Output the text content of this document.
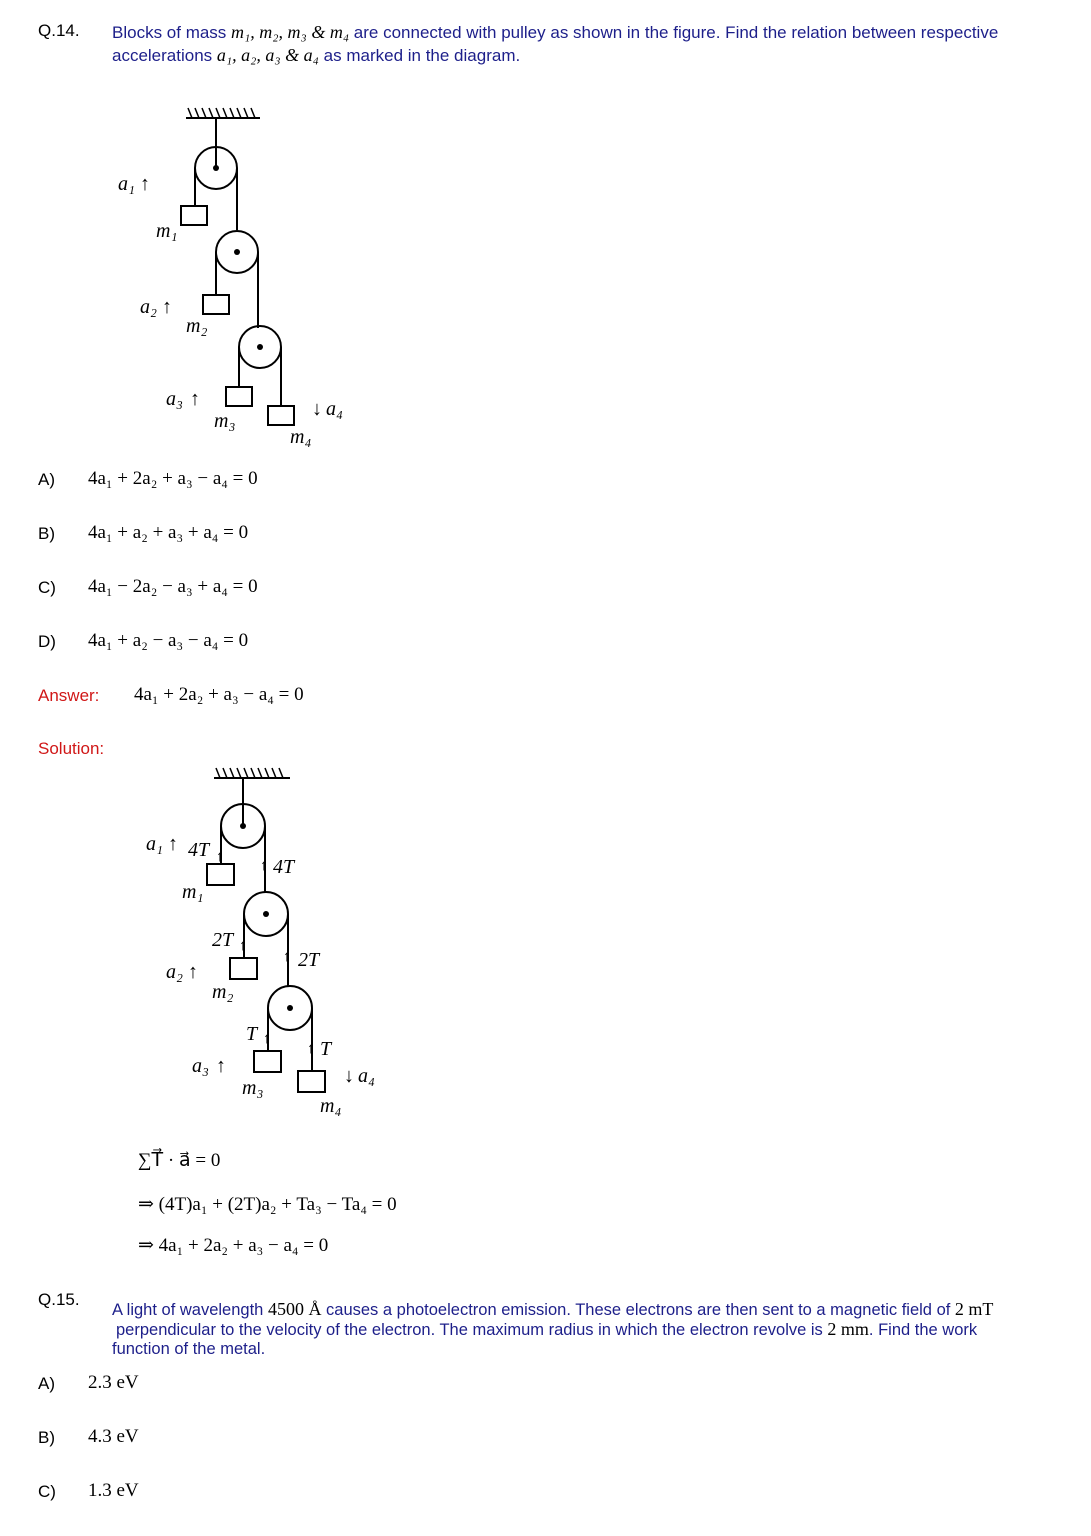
Q.14. Blocks of mass m₁, m₂, m₃ & m₄ are connected with pulley as shown in the figure. Find the relation between respective
accelerations a₁, a₂, a₃ & a₄ as marked in the diagram.
a₁ ↑
m₁
a₂ ↑
m₂
a₃ ↑
m₃
↓ a₄
m₄
A) 4a₁ + 2a₂ + a₃ − a₄ = 0
B) 4a₁ + a₂ + a₃ + a₄ = 0
C) 4a₁ − 2a₂ − a₃ + a₄ = 0
D) 4a₁ + a₂ − a₃ − a₄ = 0
Answer: 4a₁ + 2a₂ + a₃ − a₄ = 0
Solution:
↑
↑
↑
↑
↑
↑
a₁ ↑ 4T
4T
m₁
2T
2T
a₂ ↑
m₂
T
T
a₃ ↑
m₃
↓ a₄
m₄
∑T⃗ · a⃗ = 0
⇒ (4T)a₁ + (2T)a₂ + Ta₃ − Ta₄ = 0
⇒ 4a₁ + 2a₂ + a₃ − a₄ = 0
Q.15.
A light of wavelength 4500 Å causes a photoelectron emission. These electrons are then sent to a magnetic field of 2 mT
perpendicular to the velocity of the electron. The maximum radius in which the electron revolve is 2 mm. Find the work
function of the metal.
A) 2.3 eV
B) 4.3 eV
C) 1.3 eV
